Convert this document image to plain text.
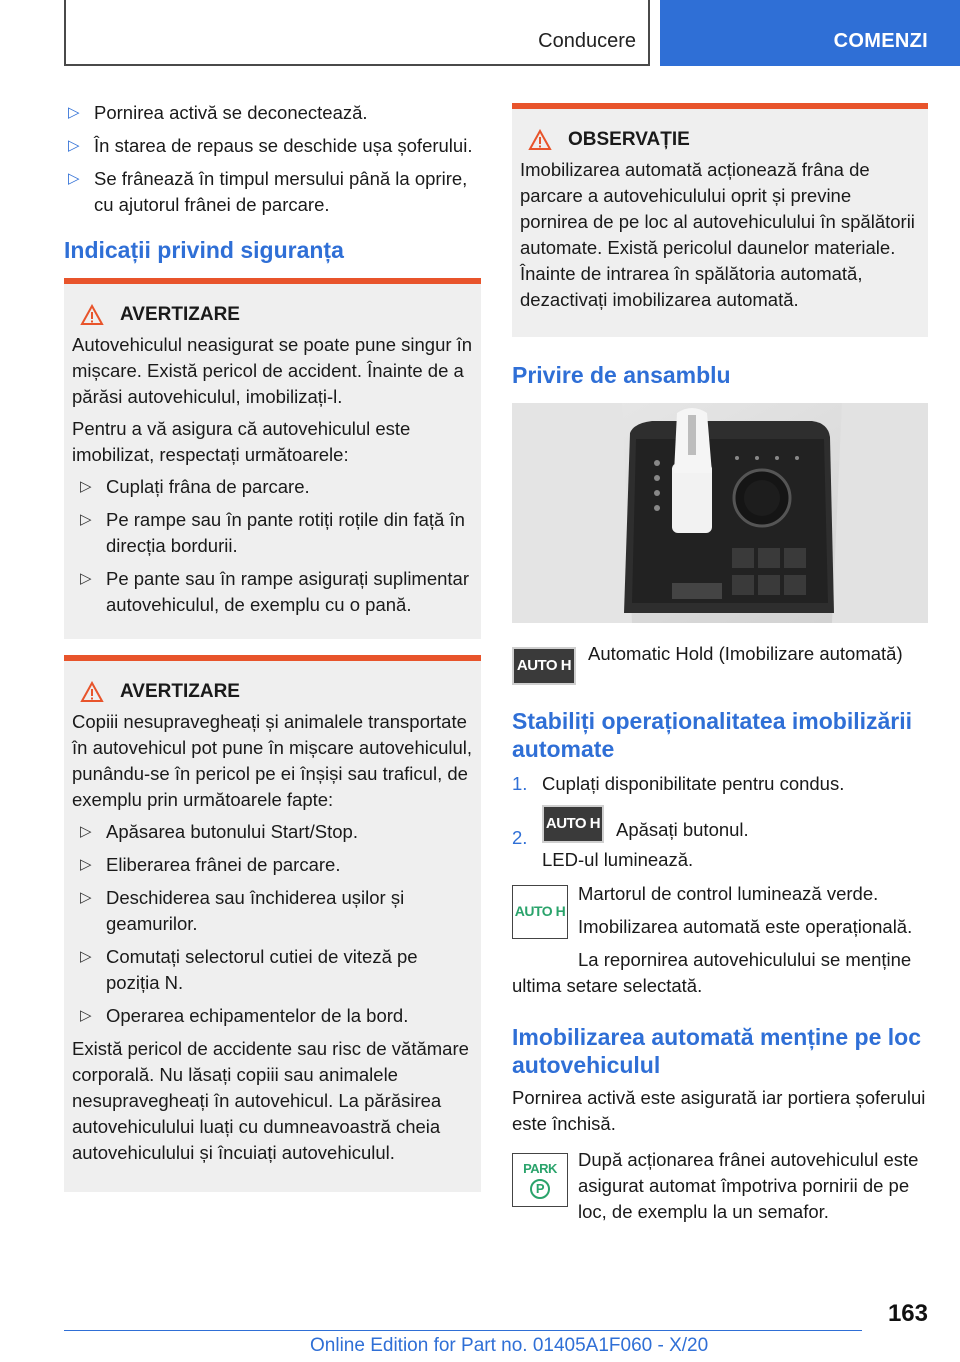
Conducere	COMENZI
▷ Pornirea activă se deconectează.
▷ În starea de repaus se deschide ușa șoferului.
▷ Se frânează în timpul mersului până la oprire, cu ajutorul frânei de parcare.
Indicații privind siguranța
AVERTIZARE

Autovehiculul neasigurat se poate pune singur în mișcare. Există pericol de accident. Înainte de a părăsi autovehiculul, imobilizați-l.

Pentru a vă asigura că autovehiculul este imobilizat, respectați următoarele:

▷ Cuplați frâna de parcare.
▷ Pe rampe sau în pante rotiți roțile din față în direcția bordurii.
▷ Pe pante sau în rampe asigurați suplimentar autovehiculul, de exemplu cu o pană.
AVERTIZARE

Copiii nesupravegheați și animalele transportate în autovehicul pot pune în mișcare autovehiculul, punându-se în pericol pe ei înșiși sau traficul, de exemplu prin următoarele fapte:

▷ Apăsarea butonului Start/Stop.
▷ Eliberarea frânei de parcare.
▷ Deschiderea sau închiderea ușilor și geamurilor.
▷ Comutați selectorul cutiei de viteză pe poziția N.
▷ Operarea echipamentelor de la bord.

Există pericol de accidente sau risc de vătămare corporală. Nu lăsați copiii sau animalele nesupravegheați în autovehicul. La părăsirea autovehiculului luați cu dumneavoastră cheia autovehiculului și încuiați autovehiculul.

OBSERVAȚIE

Imobilizarea automată acționează frâna de parcare a autovehiculului oprit și previne pornirea de pe loc al autovehiculului în spălătorii automate. Există pericolul daunelor materiale.

Înainte de intrarea în spălătoria automată, dezactivați imobilizarea automată.

Privire de ansamblu
AUTO H

Automatic Hold (Imobilizare automată)

Stabiliți operaționalitatea imobilizării automate
1. Cuplați disponibilitate pentru condus.
2.
AUTO H Apăsați butonul.

LED-ul luminează.

AUTO H

Martorul de control luminează verde.

Imobilizarea automată este operațională.

La repornirea autovehiculului se menține ultima setare selectată.

Imobilizarea automată menține pe loc autovehiculul

Pornirea activă este asigurată iar portiera șoferului este închisă.

PARK
P

După acționarea frânei autovehiculul este asigurat automat împotriva pornirii de pe loc, de exemplu la un semafor.

163
Online Edition for Part no. 01405A1F060 - X/20
